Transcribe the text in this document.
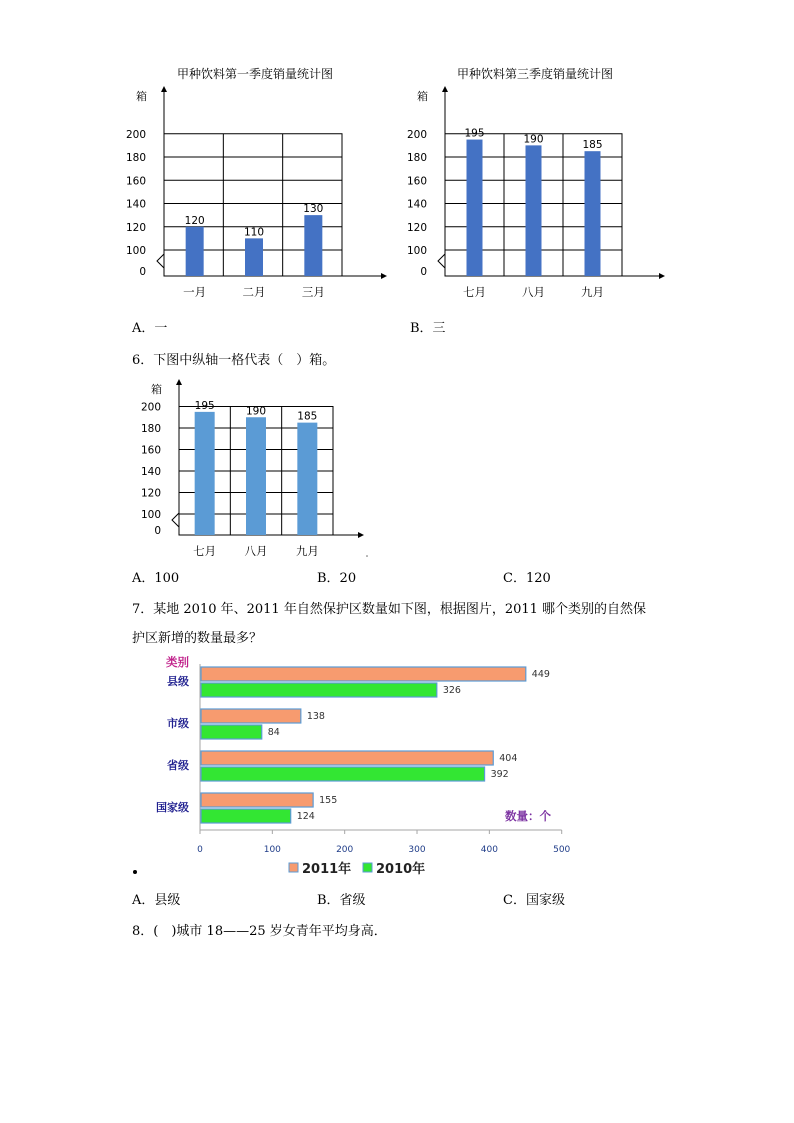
甲种饮料第一季度销量统计图
箱
0
100
120
140
160
180
200
120
一月
110
二月
130
三月
甲种饮料第三季度销量统计图
箱
0
100
120
140
160
180
200	195
七月
190
八月
185
九月
箱
0
100
120
140
160
180
200	195
七月
190
八月
185
九月
0	100	200	300	400	500
县级
市级
省级
国家级
449
138
404
155
326
84
392
124
类别
数量：个
2011年 2010年
A．一	B．三
6．下图中纵轴一格代表（　）箱。
A．100	B．20	C．120
7．某地 2010 年、2011 年自然保护区数量如下图，根据图片，2011 哪个类别的自然保
护区新增的数量最多？
A．县级	B．省级	C．国家级
8．(　)城市 18——25 岁女青年平均身高．
